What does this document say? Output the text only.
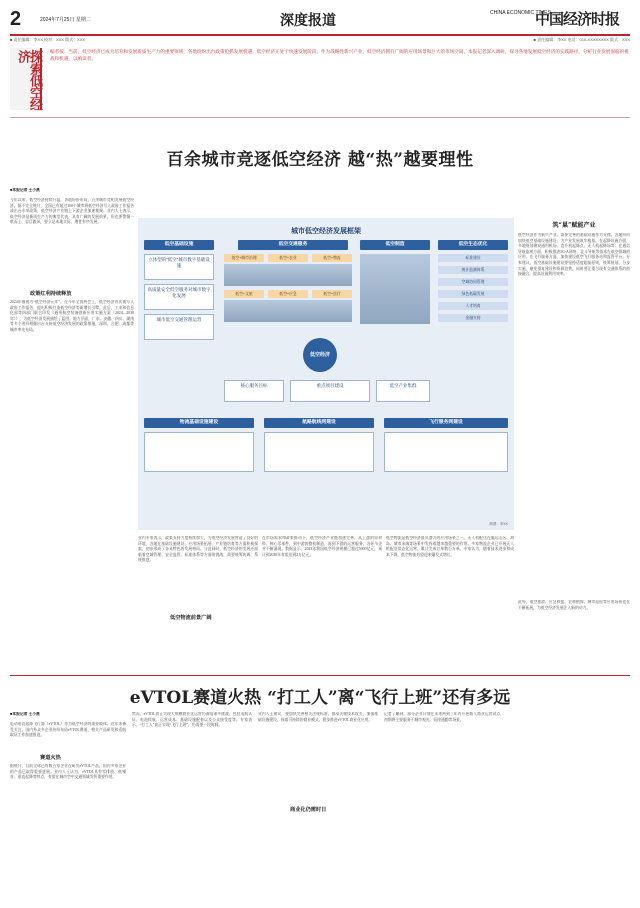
2	2024年7月25日 星期二	深度报道	CHINA ECONOMIC TIMES
中国经济时报
■ 责任编辑：李XX 校对：XXX 版式：XXX	■ 责任编辑：李XX 电话：010-XXXXXXXX 版式：XXX
探索低空经济	编者按：当前，低空经济已成为培育和发展新质生产力的重要领域，各地纷纷出台政策抢抓发展机遇，低空经济正处于快速发展阶段。作为战略性新兴产业，低空经济拥有广阔的应用场景和巨大的市场空间。本报记者深入调研，探寻各地发展低空经济的实践路径，分析行业发展面临的挑战和机遇，以飨读者。
百余城市竞逐低空经济 越“热”越要理性
■本报记者 王小燕
今年以来，低空经济持续升温，各地纷纷布局，百余城市竞相发展低空经济。据不完全统计，全国已有超过100个城市将低空经济写入政府工作报告或出台专项政策，低空经济产业链上下游企业加速集聚。业内人士表示，低空经济是新质生产力的典型代表，具有广阔的发展前景，但也要警惕一哄而上、盲目跟风，要立足本地实际，理性有序发展。
政策红利持续释放
2024年被视为“低空经济元年”。在今年全国两会上，低空经济首次被写入政府工作报告，提出积极打造低空经济等新增长引擎。此后，工业和信息化部等四部门联合印发《通用航空装备创新应用实施方案（2024—2030年）》，为低空经济发展描绘了蓝图。地方层面，广东、安徽、四川、湖南等多个省份相继出台支持低空经济发展的政策措施，深圳、合肥、成都等城市率先布局。
城市低空经济发展框架
低空基础设施	低空交通服务	低空制造	低空生态优化
立体型的“低空”城市数字基础设施
高质量安全低空服务对城市数字化发展
城市低空交通管理运营
低空+城市治理	低空+农业	低空+物流
低空+文旅	低空+应急	低空+医疗
标准建设
统计监测体系
空域协同管理
绿色低碳发展
人才培育
金融支持
低空经济
核心服务目标	重点项目建设	低空产业集群
物流基础设施建设	航路航线网建设	飞行服务网建设
制图：李XX
筑“巢”赋能产业
低空经济作为新兴产业，需要完善的基础设施作为支撑。各地纷纷加快低空基础设施建设，为产业发展筑牢根基。在起降设施方面，多地规划建设通用机场、直升机起降点、无人机起降场等；在通信导航监视方面，积极推进5G-A网络、北斗导航等技术在低空领域的应用；在飞行服务方面，加快建设低空飞行服务站和监管平台。专家建议，低空基础设施建设要坚持适度超前原则，统筹规划、分步实施，避免重复建设和资源浪费，同时要注重与现有交通体系的衔接融合，提高设施利用效率。
业内专家表示，政策支持力度持续加大，为低空经济发展营造了良好的环境，各地在基础设施建设、应用场景拓展、产业链培育等方面积极探索，初步形成了各具特色的发展格局。与此同时，低空经济的发展还面临着空域管理、安全监管、标准体系等方面的挑战，需要统筹协调、系统推进。
在市场需求和政策推动下，低空经济产业链加速完善。从上游的原材料、核心零部件，到中游的整机制造，再到下游的运营服务，各环节企业不断涌现。数据显示，2023年我国低空经济规模已超过5000亿元，预计到2030年有望达到2万亿元。
低空物流前景广阔
低空物流是低空经济最具潜力的应用场景之一。无人机配送在偏远山区、海岛、城市末端等场景中发挥着越来越重要的作用。多家物流企业已开展无人机配送常态化运营，累计完成订单数百万单。专家认为，随着技术进步和成本下降，低空物流有望迎来爆发式增长。
此外，低空旅游、应急救援、农林植保、城市巡检等应用场景也在不断拓展，为低空经济发展注入新的动力。
eVTOL赛道火热 “打工人”离“飞行上班”还有多远
■本报记者 王小燕
电动垂直起降飞行器（eVTOL）作为低空经济的重要载体，近年来备受关注。国内外众多企业纷纷布局eVTOL赛道，相关产品研发和适航取证工作加速推进。
赛道火热
据统计，目前全球已有数百家企业在研发eVTOL产品，国内多家企业的产品已取得重要进展。业内人士认为，eVTOL具有零排放、低噪音、垂直起降等特点，有望在城市空中交通领域发挥重要作用。
然而，eVTOL真正实现大规模商业化运营仍面临诸多挑战，包括适航认证、电池续航、运营成本、基础设施配套以及公众接受度等。专家表示，“打工人”真正实现“飞行上班”，仍需要一段时间。
商业化仍需时日
业内人士建议，要加快完善相关法规标准，推动关键技术攻关，加强基础设施建设，探索可持续的商业模式，稳步推进eVTOL商业化应用。
记者了解到，部分企业计划在未来两到三年内开展载人商业运营试点，初期将主要服务于城市观光、短途通勤等场景。
